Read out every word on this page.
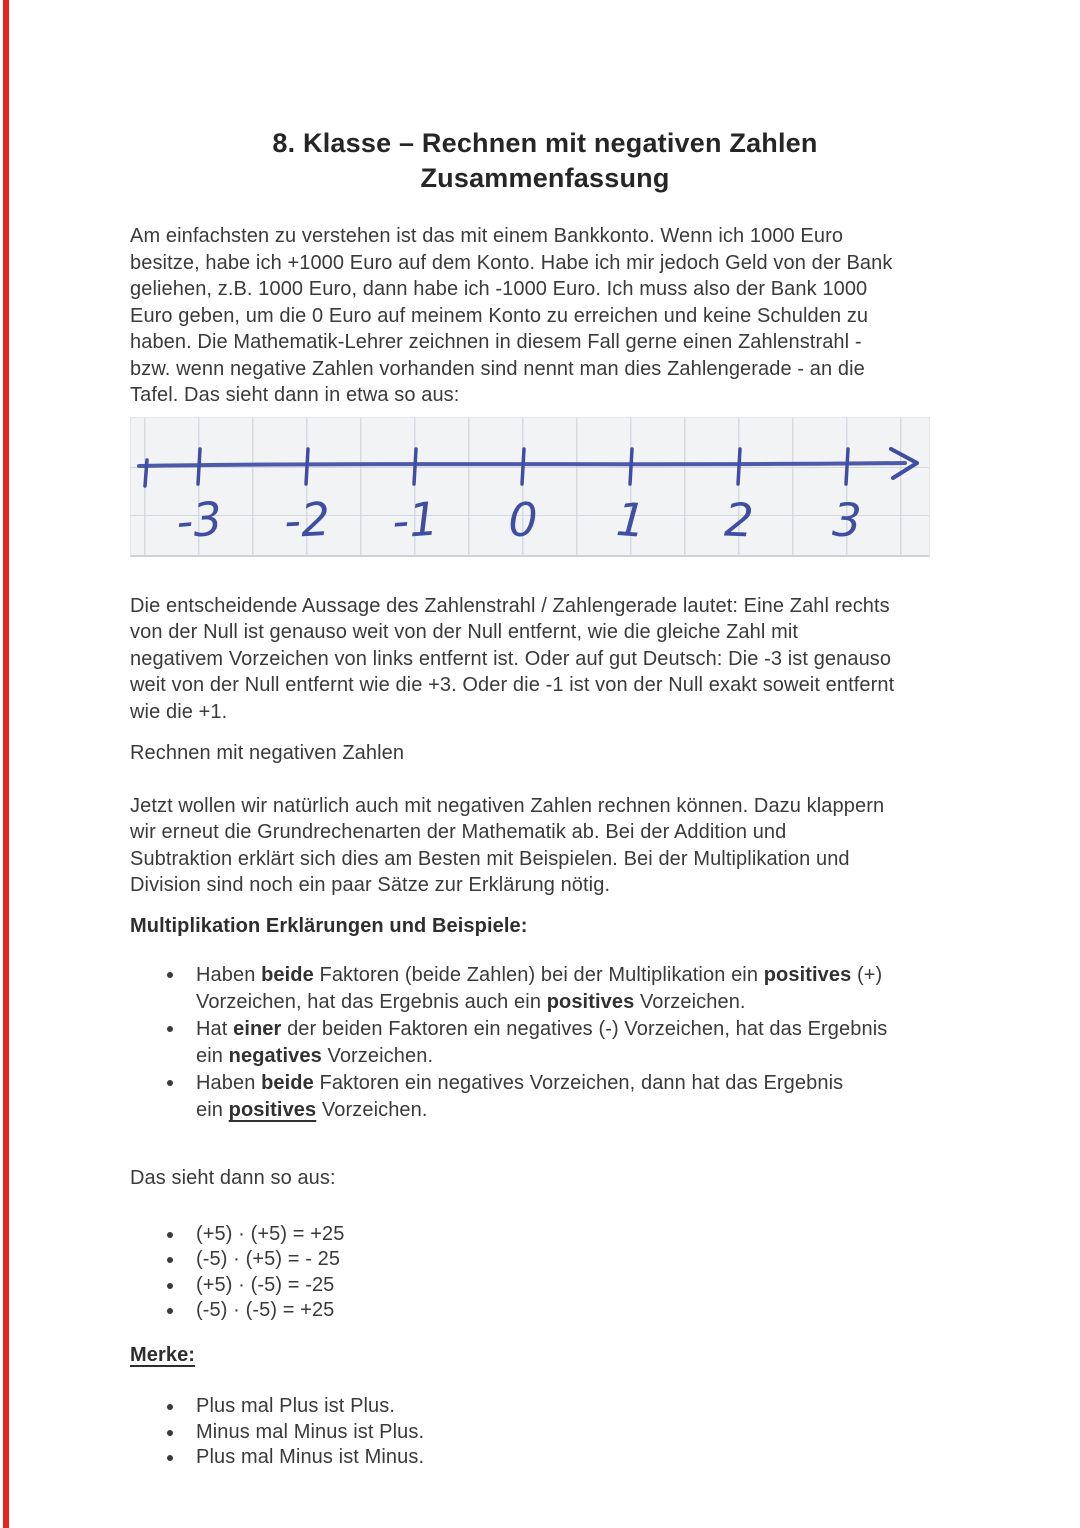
8. Klasse – Rechnen mit negativen Zahlen
Zusammenfassung

Am einfachsten zu verstehen ist das mit einem Bankkonto. Wenn ich 1000 Euro
besitze, habe ich +1000 Euro auf dem Konto. Habe ich mir jedoch Geld von der Bank
geliehen, z.B. 1000 Euro, dann habe ich -1000 Euro. Ich muss also der Bank 1000
Euro geben, um die 0 Euro auf meinem Konto zu erreichen und keine Schulden zu
haben. Die Mathematik-Lehrer zeichnen in diesem Fall gerne einen Zahlenstrahl -
bzw. wenn negative Zahlen vorhanden sind nennt man dies Zahlengerade - an die
Tafel. Das sieht dann in etwa so aus:

-3 -2 -1 0 1 2 3

Die entscheidende Aussage des Zahlenstrahl / Zahlengerade lautet: Eine Zahl rechts
von der Null ist genauso weit von der Null entfernt, wie die gleiche Zahl mit
negativem Vorzeichen von links entfernt ist. Oder auf gut Deutsch: Die -3 ist genauso
weit von der Null entfernt wie die +3. Oder die -1 ist von der Null exakt soweit entfernt
wie die +1.

Rechnen mit negativen Zahlen

Jetzt wollen wir natürlich auch mit negativen Zahlen rechnen können. Dazu klappern
wir erneut die Grundrechenarten der Mathematik ab. Bei der Addition und
Subtraktion erklärt sich dies am Besten mit Beispielen. Bei der Multiplikation und
Division sind noch ein paar Sätze zur Erklärung nötig.

Multiplikation Erklärungen und Beispiele:

Haben beide Faktoren (beide Zahlen) bei der Multiplikation ein positives (+)
Vorzeichen, hat das Ergebnis auch ein positives Vorzeichen.
Hat einer der beiden Faktoren ein negatives (-) Vorzeichen, hat das Ergebnis
ein negatives Vorzeichen.
Haben beide Faktoren ein negatives Vorzeichen, dann hat das Ergebnis
ein positives Vorzeichen.

Das sieht dann so aus:

(+5) · (+5) = +25
(-5) · (+5) = - 25
(+5) · (-5) = -25
(-5) · (-5) = +25

Merke:

Plus mal Plus ist Plus.
Minus mal Minus ist Plus.
Plus mal Minus ist Minus.
